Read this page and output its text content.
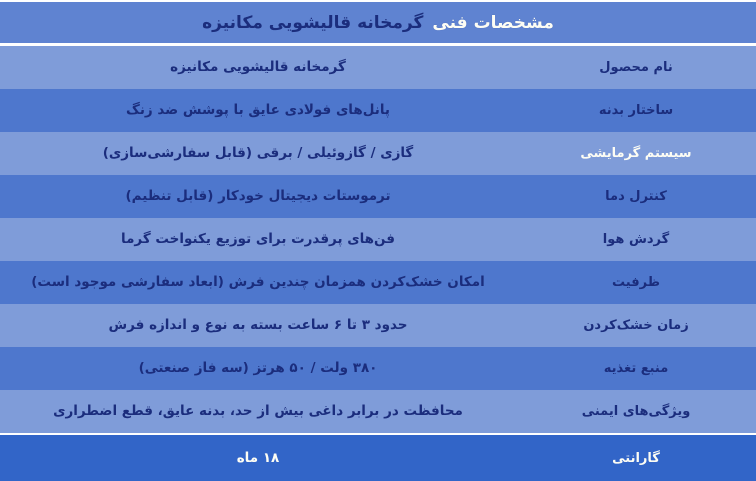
مشخصات فنی
گرمخانه قالیشویی مکانیزه
نام محصول
گرمخانه قالیشویی مکانیزه
ساختار بدنه
پانل‌های فولادی عایق با پوشش ضد زنگ
سیستم گرمایشی
گازی / گازوئیلی / برقی (قابل سفارشی‌سازی)
کنترل دما
ترموستات دیجیتال خودکار (قابل تنظیم)
گردش هوا
فن‌های پرقدرت برای توزیع یکنواخت گرما
ظرفیت
امکان خشک‌کردن همزمان چندین فرش (ابعاد سفارشی موجود است)
زمان خشک‌کردن
حدود ۳ تا ۶ ساعت بسته به نوع و اندازه فرش
منبع تغذیه
۳۸۰ ولت / ۵۰ هرتز (سه فاز صنعتی)
ویژگی‌های ایمنی
محافظت در برابر داغی بیش از حد، بدنه عایق، قطع اضطراری
گارانتی
۱۸ ماه
